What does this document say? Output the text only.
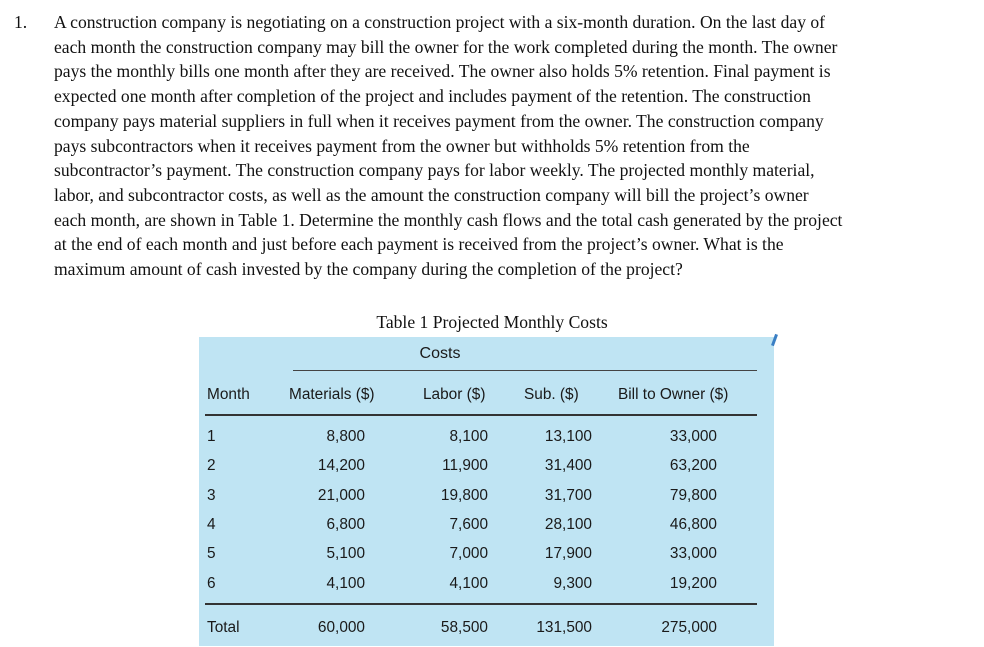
1. A construction company is negotiating on a construction project with a six-month duration. On the last day of
each month the construction company may bill the owner for the work completed during the month. The owner
pays the monthly bills one month after they are received. The owner also holds 5% retention. Final payment is
expected one month after completion of the project and includes payment of the retention. The construction
company pays material suppliers in full when it receives payment from the owner. The construction company
pays subcontractors when it receives payment from the owner but withholds 5% retention from the
subcontractor’s payment. The construction company pays for labor weekly. The projected monthly material,
labor, and subcontractor costs, as well as the amount the construction company will bill the project’s owner
each month, are shown in Table 1. Determine the monthly cash flows and the total cash generated by the project
at the end of each month and just before each payment is received from the project’s owner. What is the
maximum amount of cash invested by the company during the completion of the project?
Table 1 Projected Monthly Costs
Costs
Month	Materials ($)	Labor ($)	Sub. ($)	Bill to Owner ($)
1	8,800	8,100	13,100	33,000
2	14,200	11,900	31,400	63,200
3	21,000	19,800	31,700	79,800
4	6,800	7,600	28,100	46,800
5	5,100	7,000	17,900	33,000
6	4,100	4,100	9,300	19,200
Total	60,000	58,500	131,500	275,000
